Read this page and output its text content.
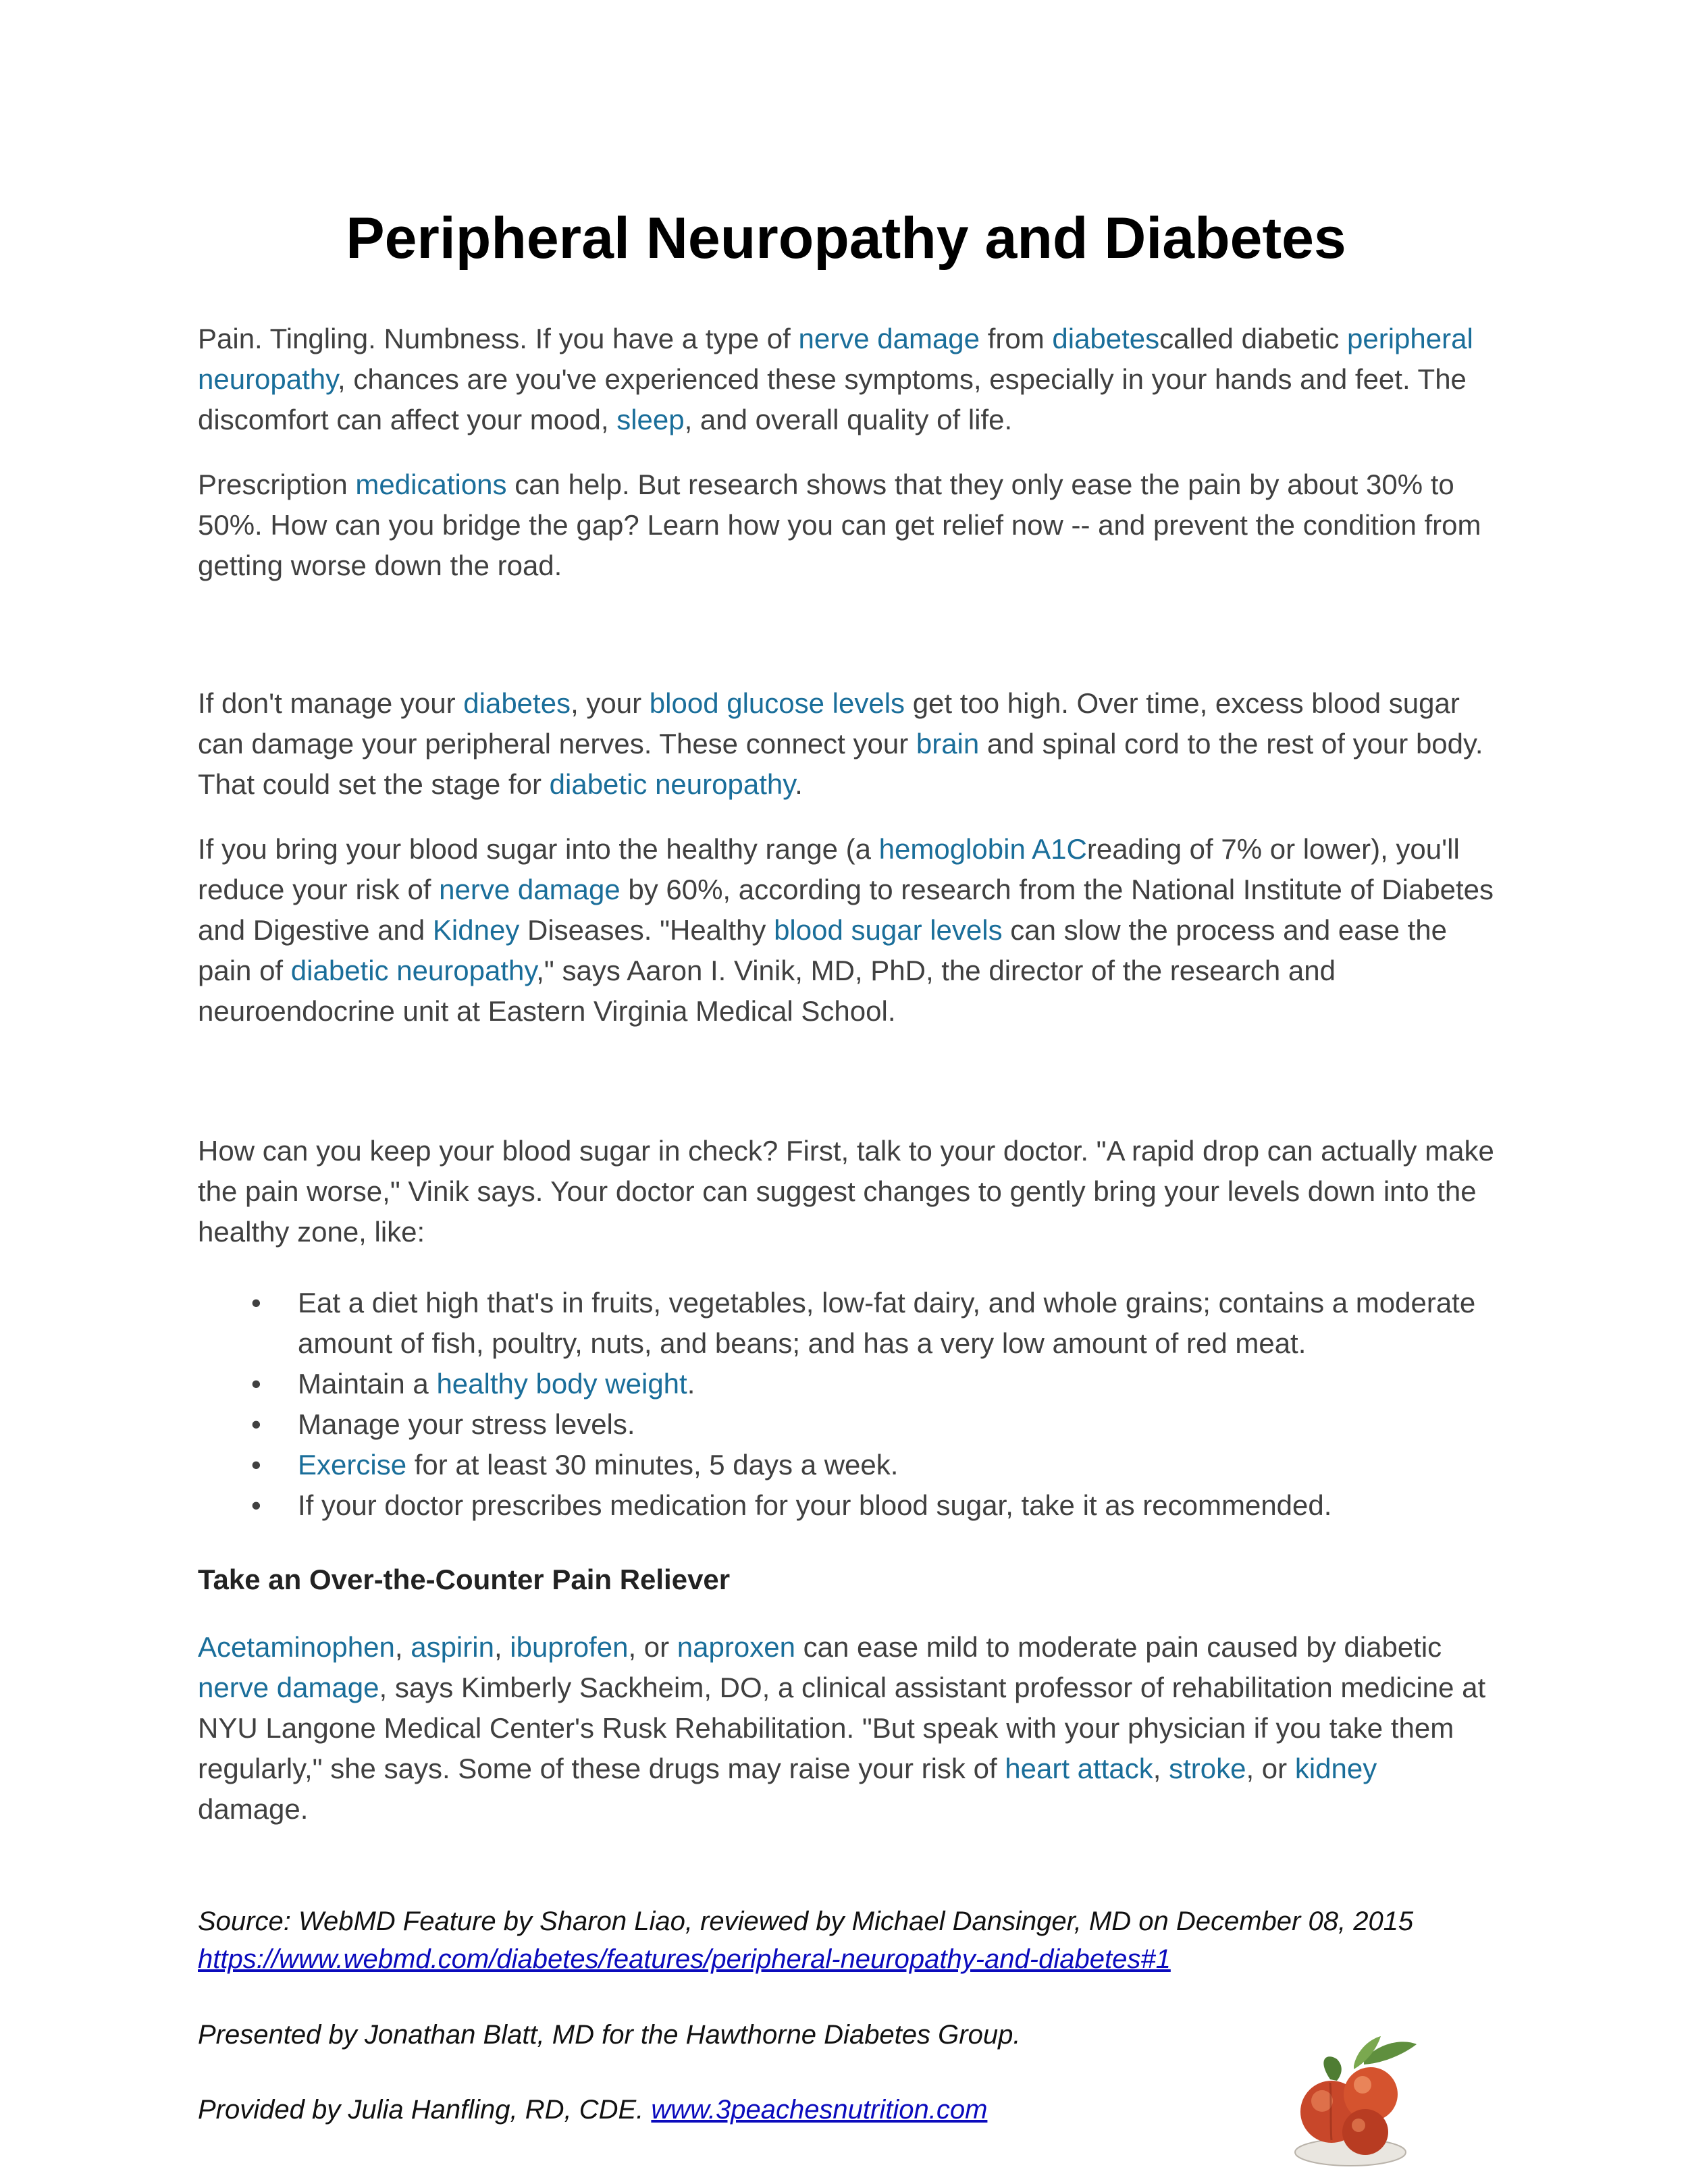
Peripheral Neuropathy and Diabetes

Pain. Tingling. Numbness. If you have a type of nerve damage from diabetescalled diabetic peripheral neuropathy, chances are you've experienced these symptoms, especially in your hands and feet. The discomfort can affect your mood, sleep, and overall quality of life.

Prescription medications can help. But research shows that they only ease the pain by about 30% to 50%. How can you bridge the gap? Learn how you can get relief now -- and prevent the condition from getting worse down the road.

If don't manage your diabetes, your blood glucose levels get too high. Over time, excess blood sugar can damage your peripheral nerves. These connect your brain and spinal cord to the rest of your body. That could set the stage for diabetic neuropathy.

If you bring your blood sugar into the healthy range (a hemoglobin A1Creading of 7% or lower), you'll reduce your risk of nerve damage by 60%, according to research from the National Institute of Diabetes and Digestive and Kidney Diseases. "Healthy blood sugar levels can slow the process and ease the pain of diabetic neuropathy," says Aaron I. Vinik, MD, PhD, the director of the research and neuroendocrine unit at Eastern Virginia Medical School.

How can you keep your blood sugar in check? First, talk to your doctor. "A rapid drop can actually make the pain worse," Vinik says. Your doctor can suggest changes to gently bring your levels down into the healthy zone, like:

• Eat a diet high that's in fruits, vegetables, low-fat dairy, and whole grains; contains a moderate amount of fish, poultry, nuts, and beans; and has a very low amount of red meat.
• Maintain a healthy body weight.
• Manage your stress levels.
• Exercise for at least 30 minutes, 5 days a week.
• If your doctor prescribes medication for your blood sugar, take it as recommended.
Take an Over-the-Counter Pain Reliever

Acetaminophen, aspirin, ibuprofen, or naproxen can ease mild to moderate pain caused by diabetic nerve damage, says Kimberly Sackheim, DO, a clinical assistant professor of rehabilitation medicine at NYU Langone Medical Center's Rusk Rehabilitation. "But speak with your physician if you take them regularly," she says. Some of these drugs may raise your risk of heart attack, stroke, or kidney damage.

Source: WebMD Feature by Sharon Liao, reviewed by Michael Dansinger, MD on December 08, 2015
https://www.webmd.com/diabetes/features/peripheral-neuropathy-and-diabetes#1

Presented by Jonathan Blatt, MD for the Hawthorne Diabetes Group.

Provided by Julia Hanfling, RD, CDE. www.3peachesnutrition.com
